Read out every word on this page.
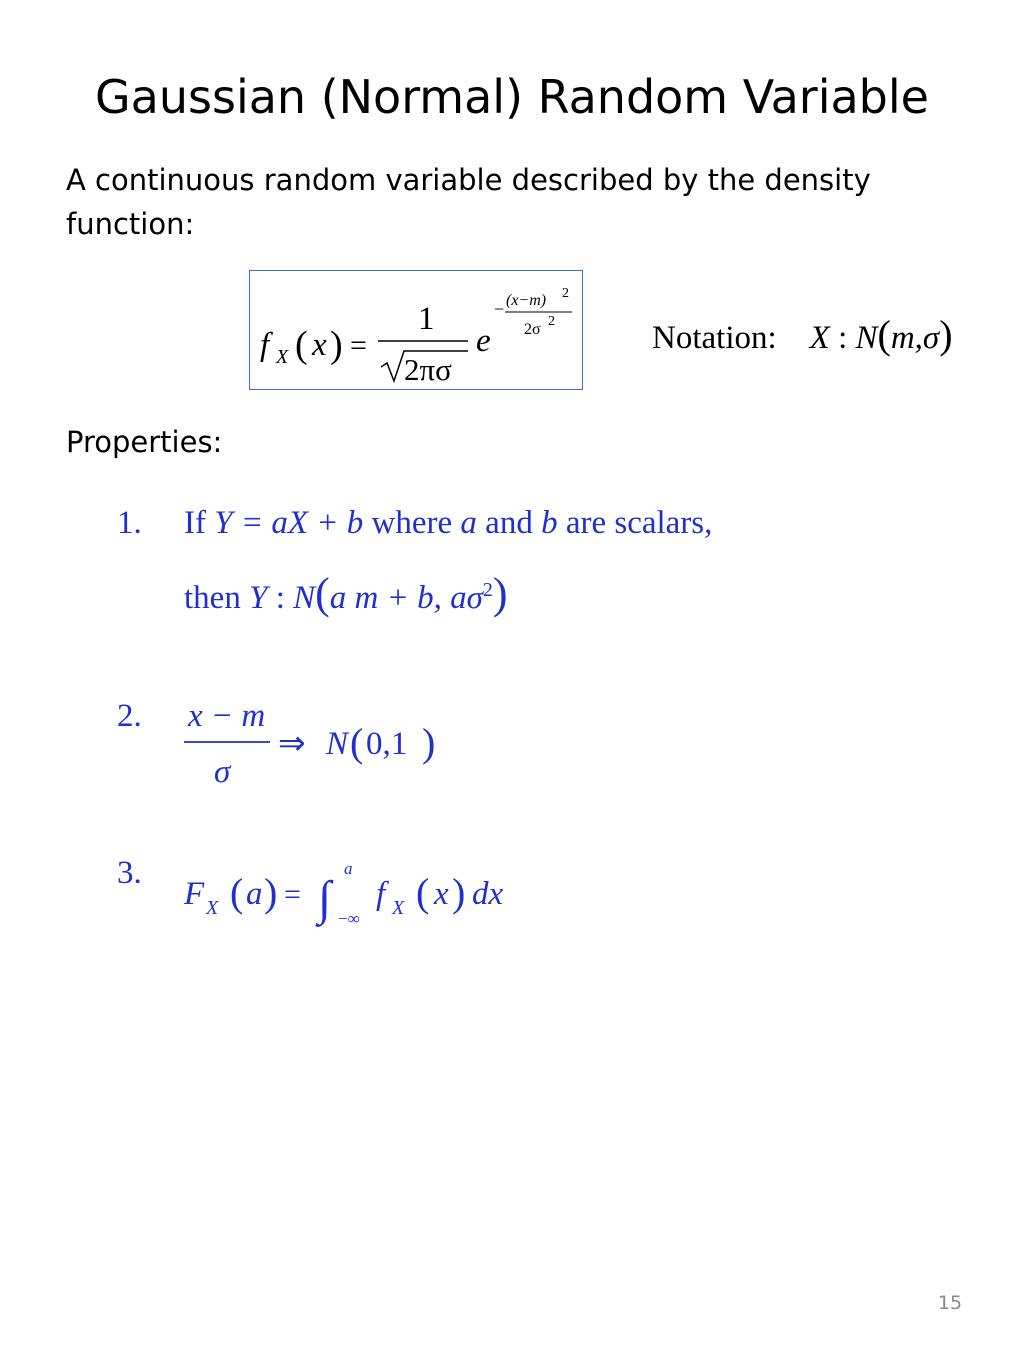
Gaussian (Normal) Random Variable
A continuous random variable described by the density function:
f X ( x ) =
1
2πσ
e
− (x−m) 2
2σ 2	Notation: X : N(m,σ)
Properties:
1. If Y = aX + b where a and b are scalars,
then Y : N(a m + b, $a\sigma^2$)
2. x − m
σ
⇒ N ( 0,1 )
3.
F X ( a ) = ∫
a
−∞
f X ( x ) dx
15
